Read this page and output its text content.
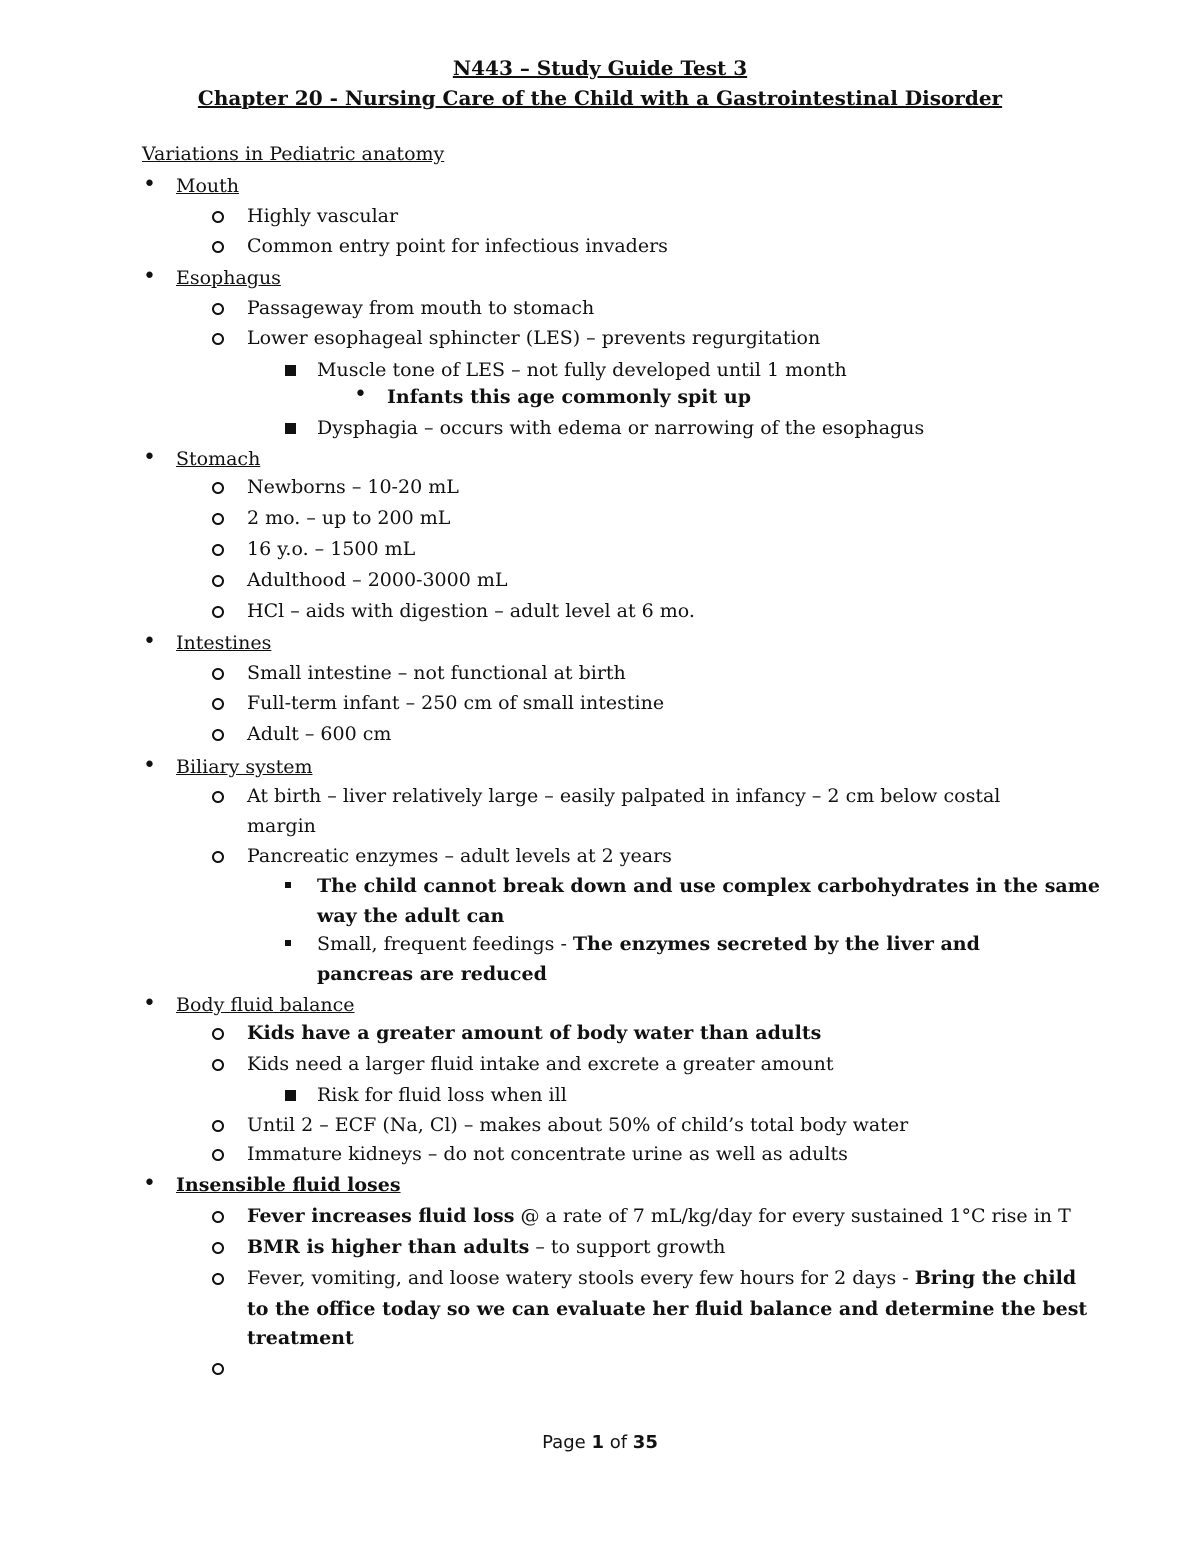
N443 – Study Guide Test 3
Chapter 20 - Nursing Care of the Child with a Gastrointestinal Disorder
Variations in Pediatric anatomy
• Mouth
Highly vascular
Common entry point for infectious invaders
• Esophagus
Passageway from mouth to stomach
Lower esophageal sphincter (LES) – prevents regurgitation
Muscle tone of LES – not fully developed until 1 month
• Infants this age commonly spit up
Dysphagia – occurs with edema or narrowing of the esophagus
• Stomach
Newborns – 10-20 mL
2 mo. – up to 200 mL
16 y.o. – 1500 mL
Adulthood – 2000-3000 mL
HCl – aids with digestion – adult level at 6 mo.
• Intestines
Small intestine – not functional at birth
Full-term infant – 250 cm of small intestine
Adult – 600 cm
• Biliary system
At birth – liver relatively large – easily palpated in infancy – 2 cm below costal
margin
Pancreatic enzymes – adult levels at 2 years
The child cannot break down and use complex carbohydrates in the same
way the adult can
Small, frequent feedings - The enzymes secreted by the liver and
pancreas are reduced
• Body fluid balance
Kids have a greater amount of body water than adults
Kids need a larger fluid intake and excrete a greater amount
Risk for fluid loss when ill
Until 2 – ECF (Na, Cl) – makes about 50% of child’s total body water
Immature kidneys – do not concentrate urine as well as adults
• Insensible fluid loses
Fever increases fluid loss @ a rate of 7 mL/kg/day for every sustained 1°C rise in T
BMR is higher than adults – to support growth
Fever, vomiting, and loose watery stools every few hours for 2 days - Bring the child
to the office today so we can evaluate her fluid balance and determine the best
treatment
Page 1 of 35
